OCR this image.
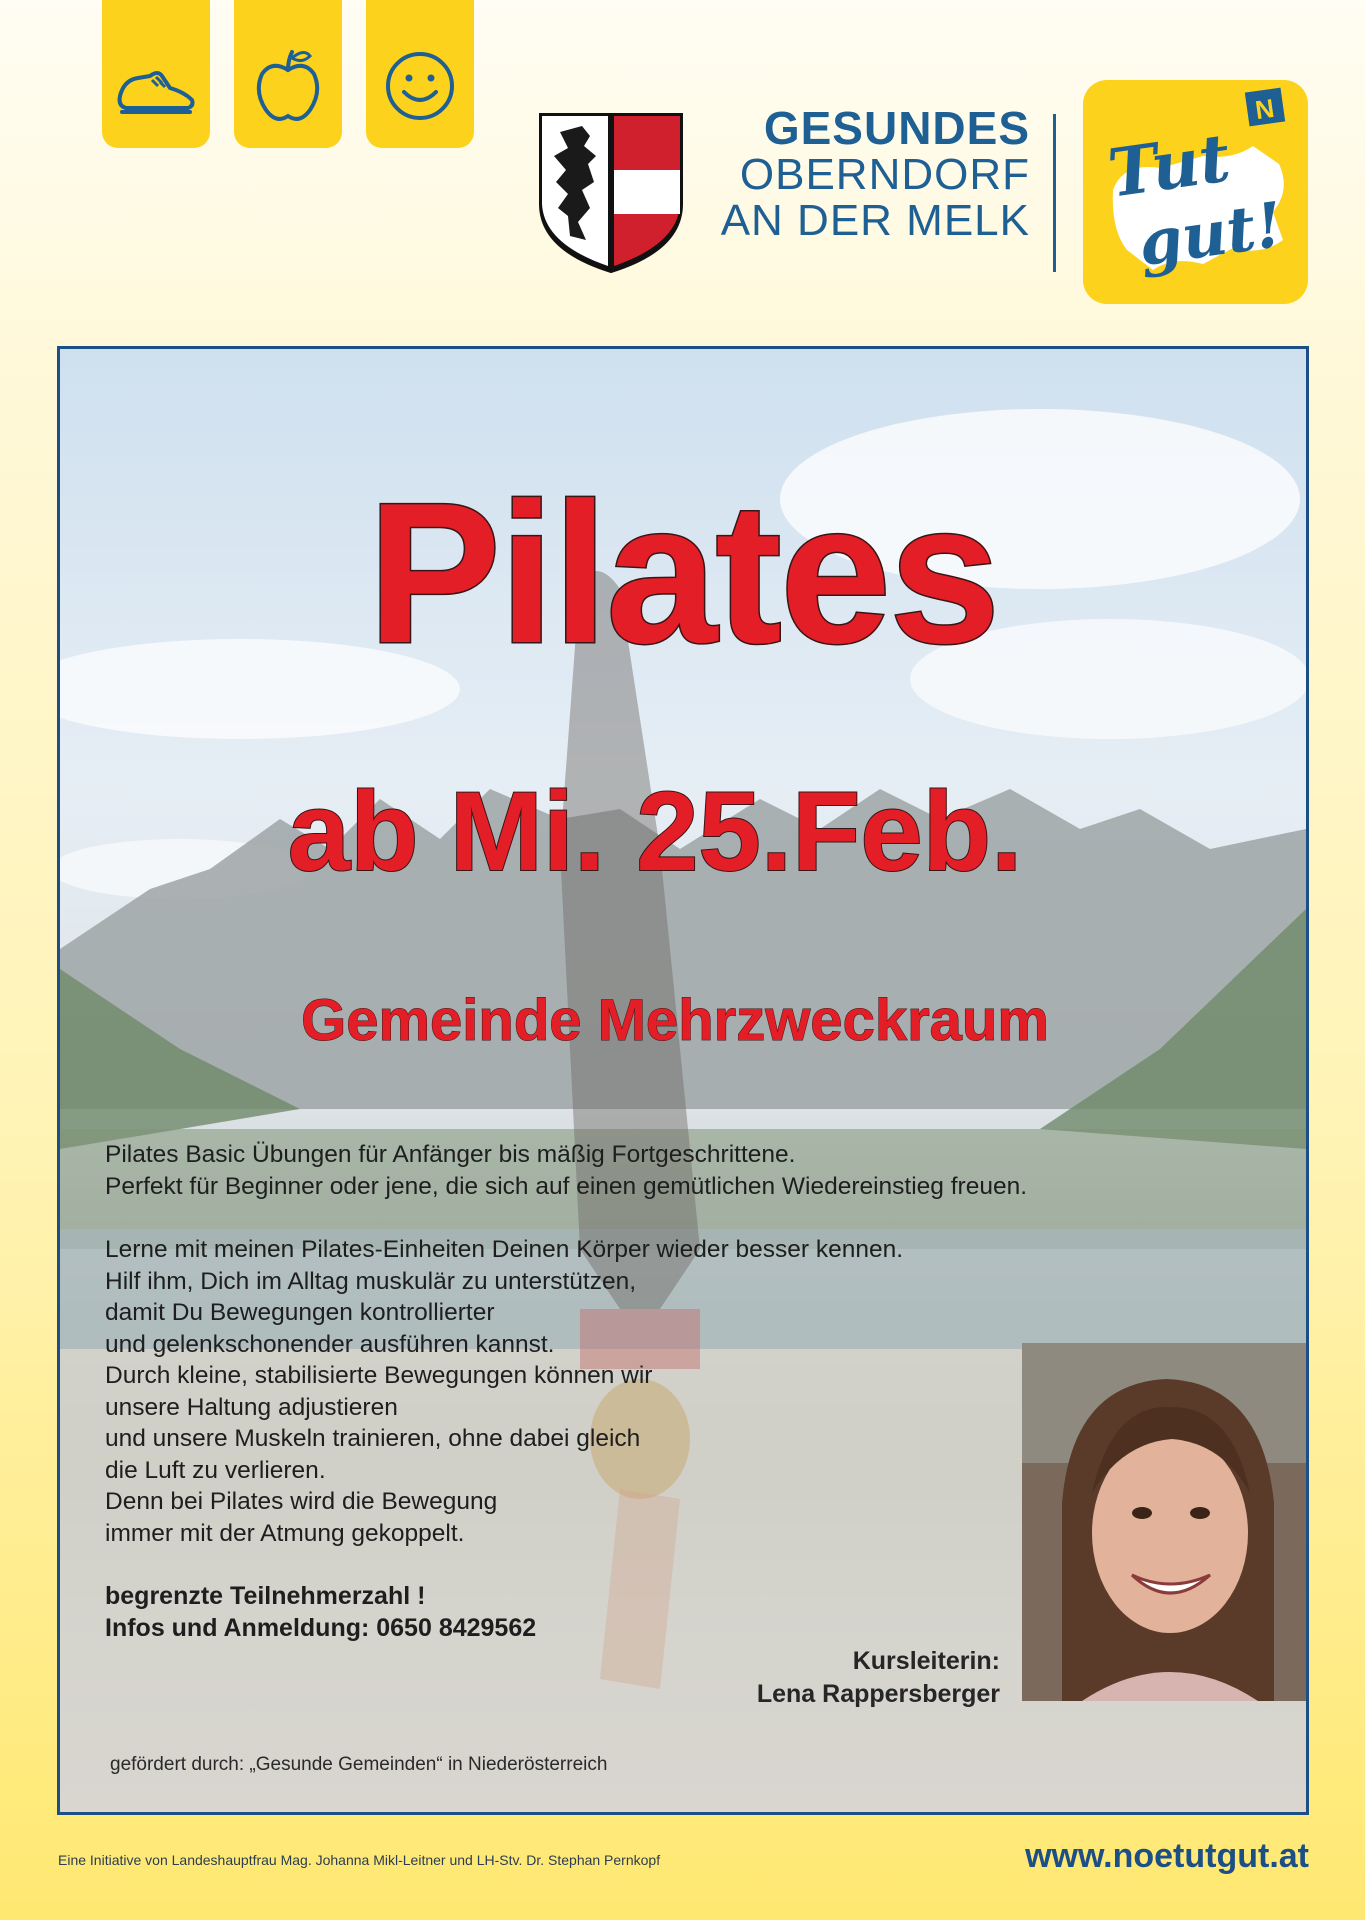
GESUNDES
OBERNDORF
AN DER MELK
N
Tut
gut!
Pilates
ab Mi. 25.Feb.
Gemeinde Mehrzweckraum

Pilates Basic Übungen für Anfänger bis mäßig Fortgeschrittene.

Perfekt für Beginner oder jene, die sich auf einen gemütlichen Wiedereinstieg freuen.

Lerne mit meinen Pilates-Einheiten Deinen Körper wieder besser kennen.

Hilf ihm, Dich im Alltag muskulär zu unterstützen,

damit Du Bewegungen kontrollierter

und gelenkschonender ausführen kannst.

Durch kleine, stabilisierte Bewegungen können wir

unsere Haltung adjustieren

und unsere Muskeln trainieren, ohne dabei gleich

die Luft zu verlieren.

Denn bei Pilates wird die Bewegung

immer mit der Atmung gekoppelt.

begrenzte Teilnehmerzahl !

Infos und Anmeldung: 0650 8429562

Kursleiterin:
Lena Rappersberger
gefördert durch: „Gesunde Gemeinden“ in Niederösterreich
Eine Initiative von Landeshauptfrau Mag. Johanna Mikl-Leitner und LH-Stv. Dr. Stephan Pernkopf	www.noetutgut.at
